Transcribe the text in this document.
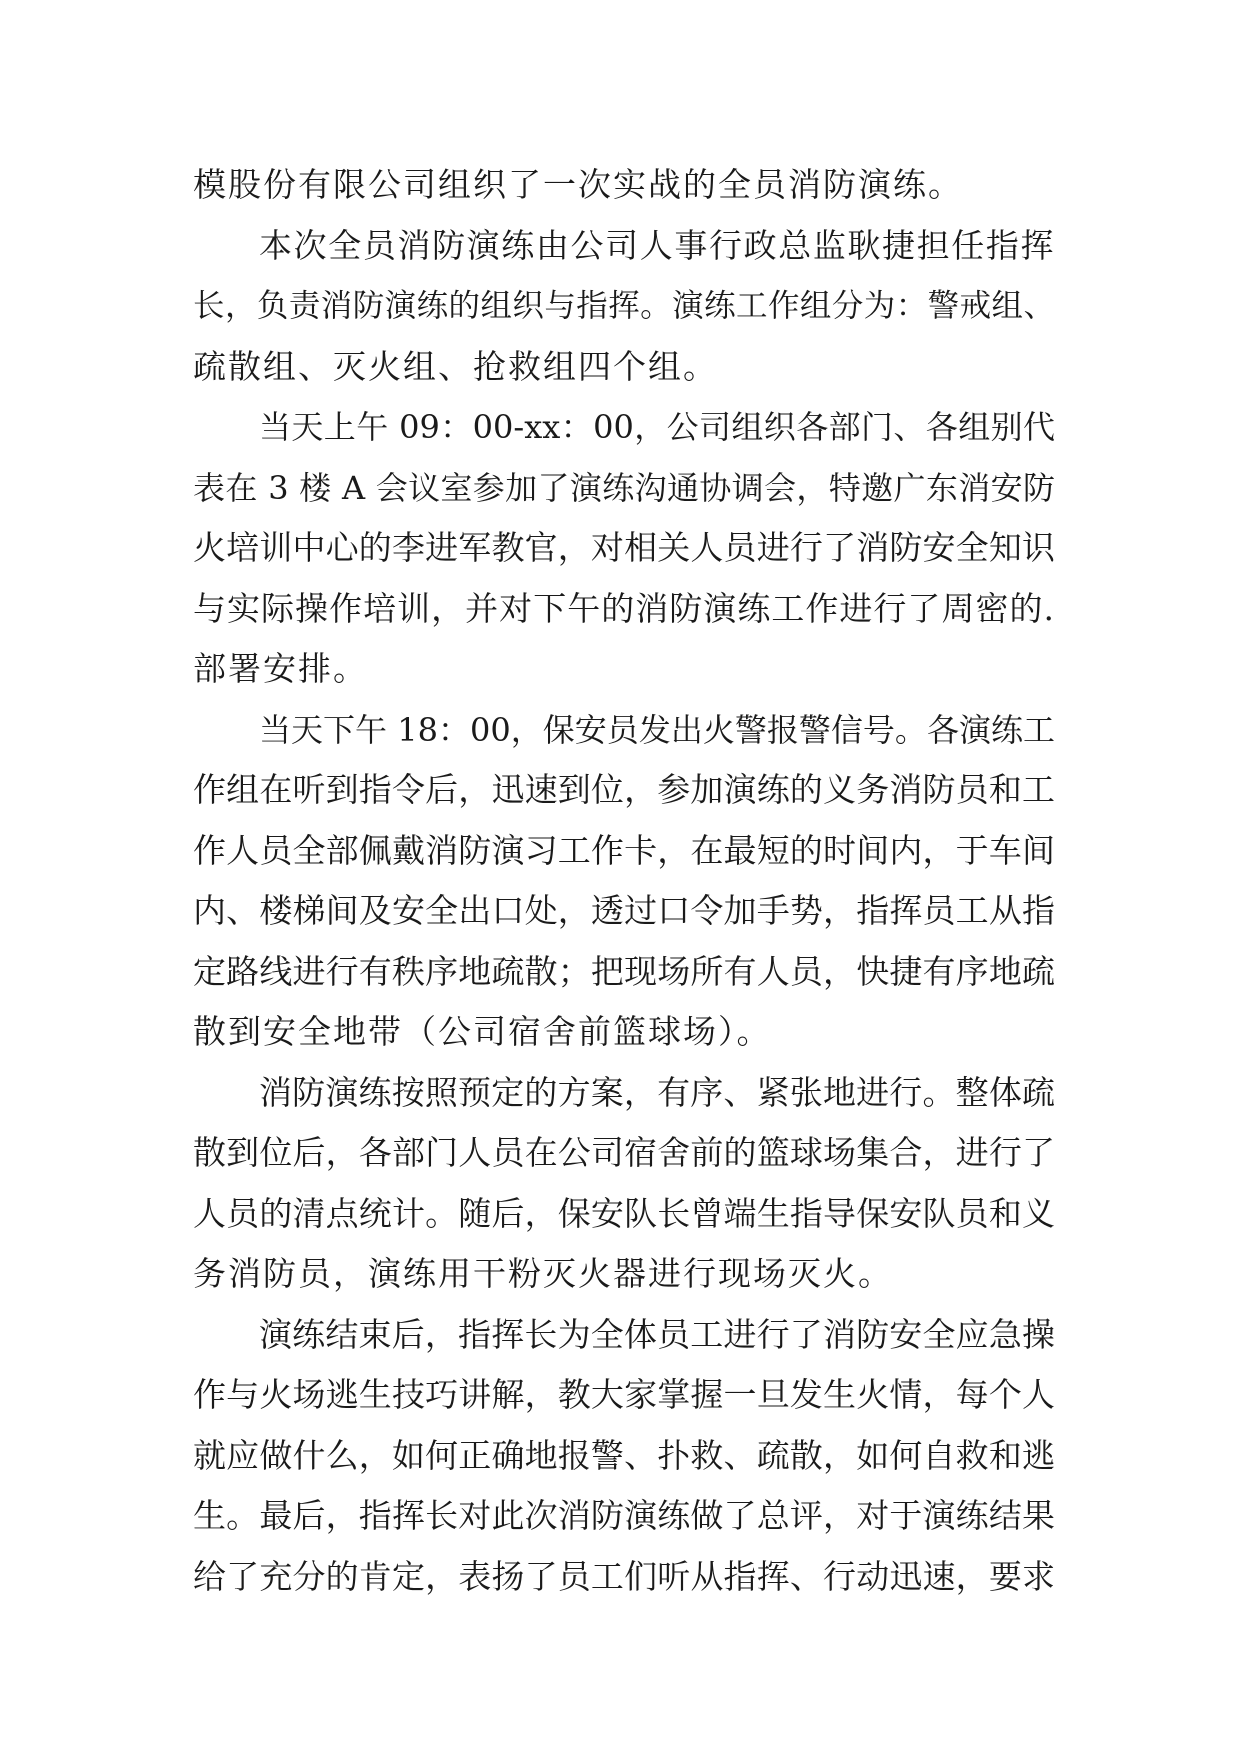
模股份有限公司组织了一次实战的全员消防演练。
本次全员消防演练由公司人事行政总监耿捷担任指挥
长，负责消防演练的组织与指挥。演练工作组分为：警戒组、
疏散组、灭火组、抢救组四个组。
当天上午 09：00-xx：00，公司组织各部门、各组别代
表在 3 楼 A 会议室参加了演练沟通协调会，特邀广东消安防
火培训中心的李进军教官，对相关人员进行了消防安全知识
与实际操作培训，并对下午的消防演练工作进行了周密的.
部署安排。
当天下午 18：00，保安员发出火警报警信号。各演练工
作组在听到指令后，迅速到位，参加演练的义务消防员和工
作人员全部佩戴消防演习工作卡，在最短的时间内，于车间
内、楼梯间及安全出口处，透过口令加手势，指挥员工从指
定路线进行有秩序地疏散；把现场所有人员，快捷有序地疏
散到安全地带（公司宿舍前篮球场）。
消防演练按照预定的方案，有序、紧张地进行。整体疏
散到位后，各部门人员在公司宿舍前的篮球场集合，进行了
人员的清点统计。随后，保安队长曾端生指导保安队员和义
务消防员，演练用干粉灭火器进行现场灭火。
演练结束后，指挥长为全体员工进行了消防安全应急操
作与火场逃生技巧讲解，教大家掌握一旦发生火情，每个人
就应做什么，如何正确地报警、扑救、疏散，如何自救和逃
生。最后，指挥长对此次消防演练做了总评，对于演练结果
给了充分的肯定，表扬了员工们听从指挥、行动迅速，要求
